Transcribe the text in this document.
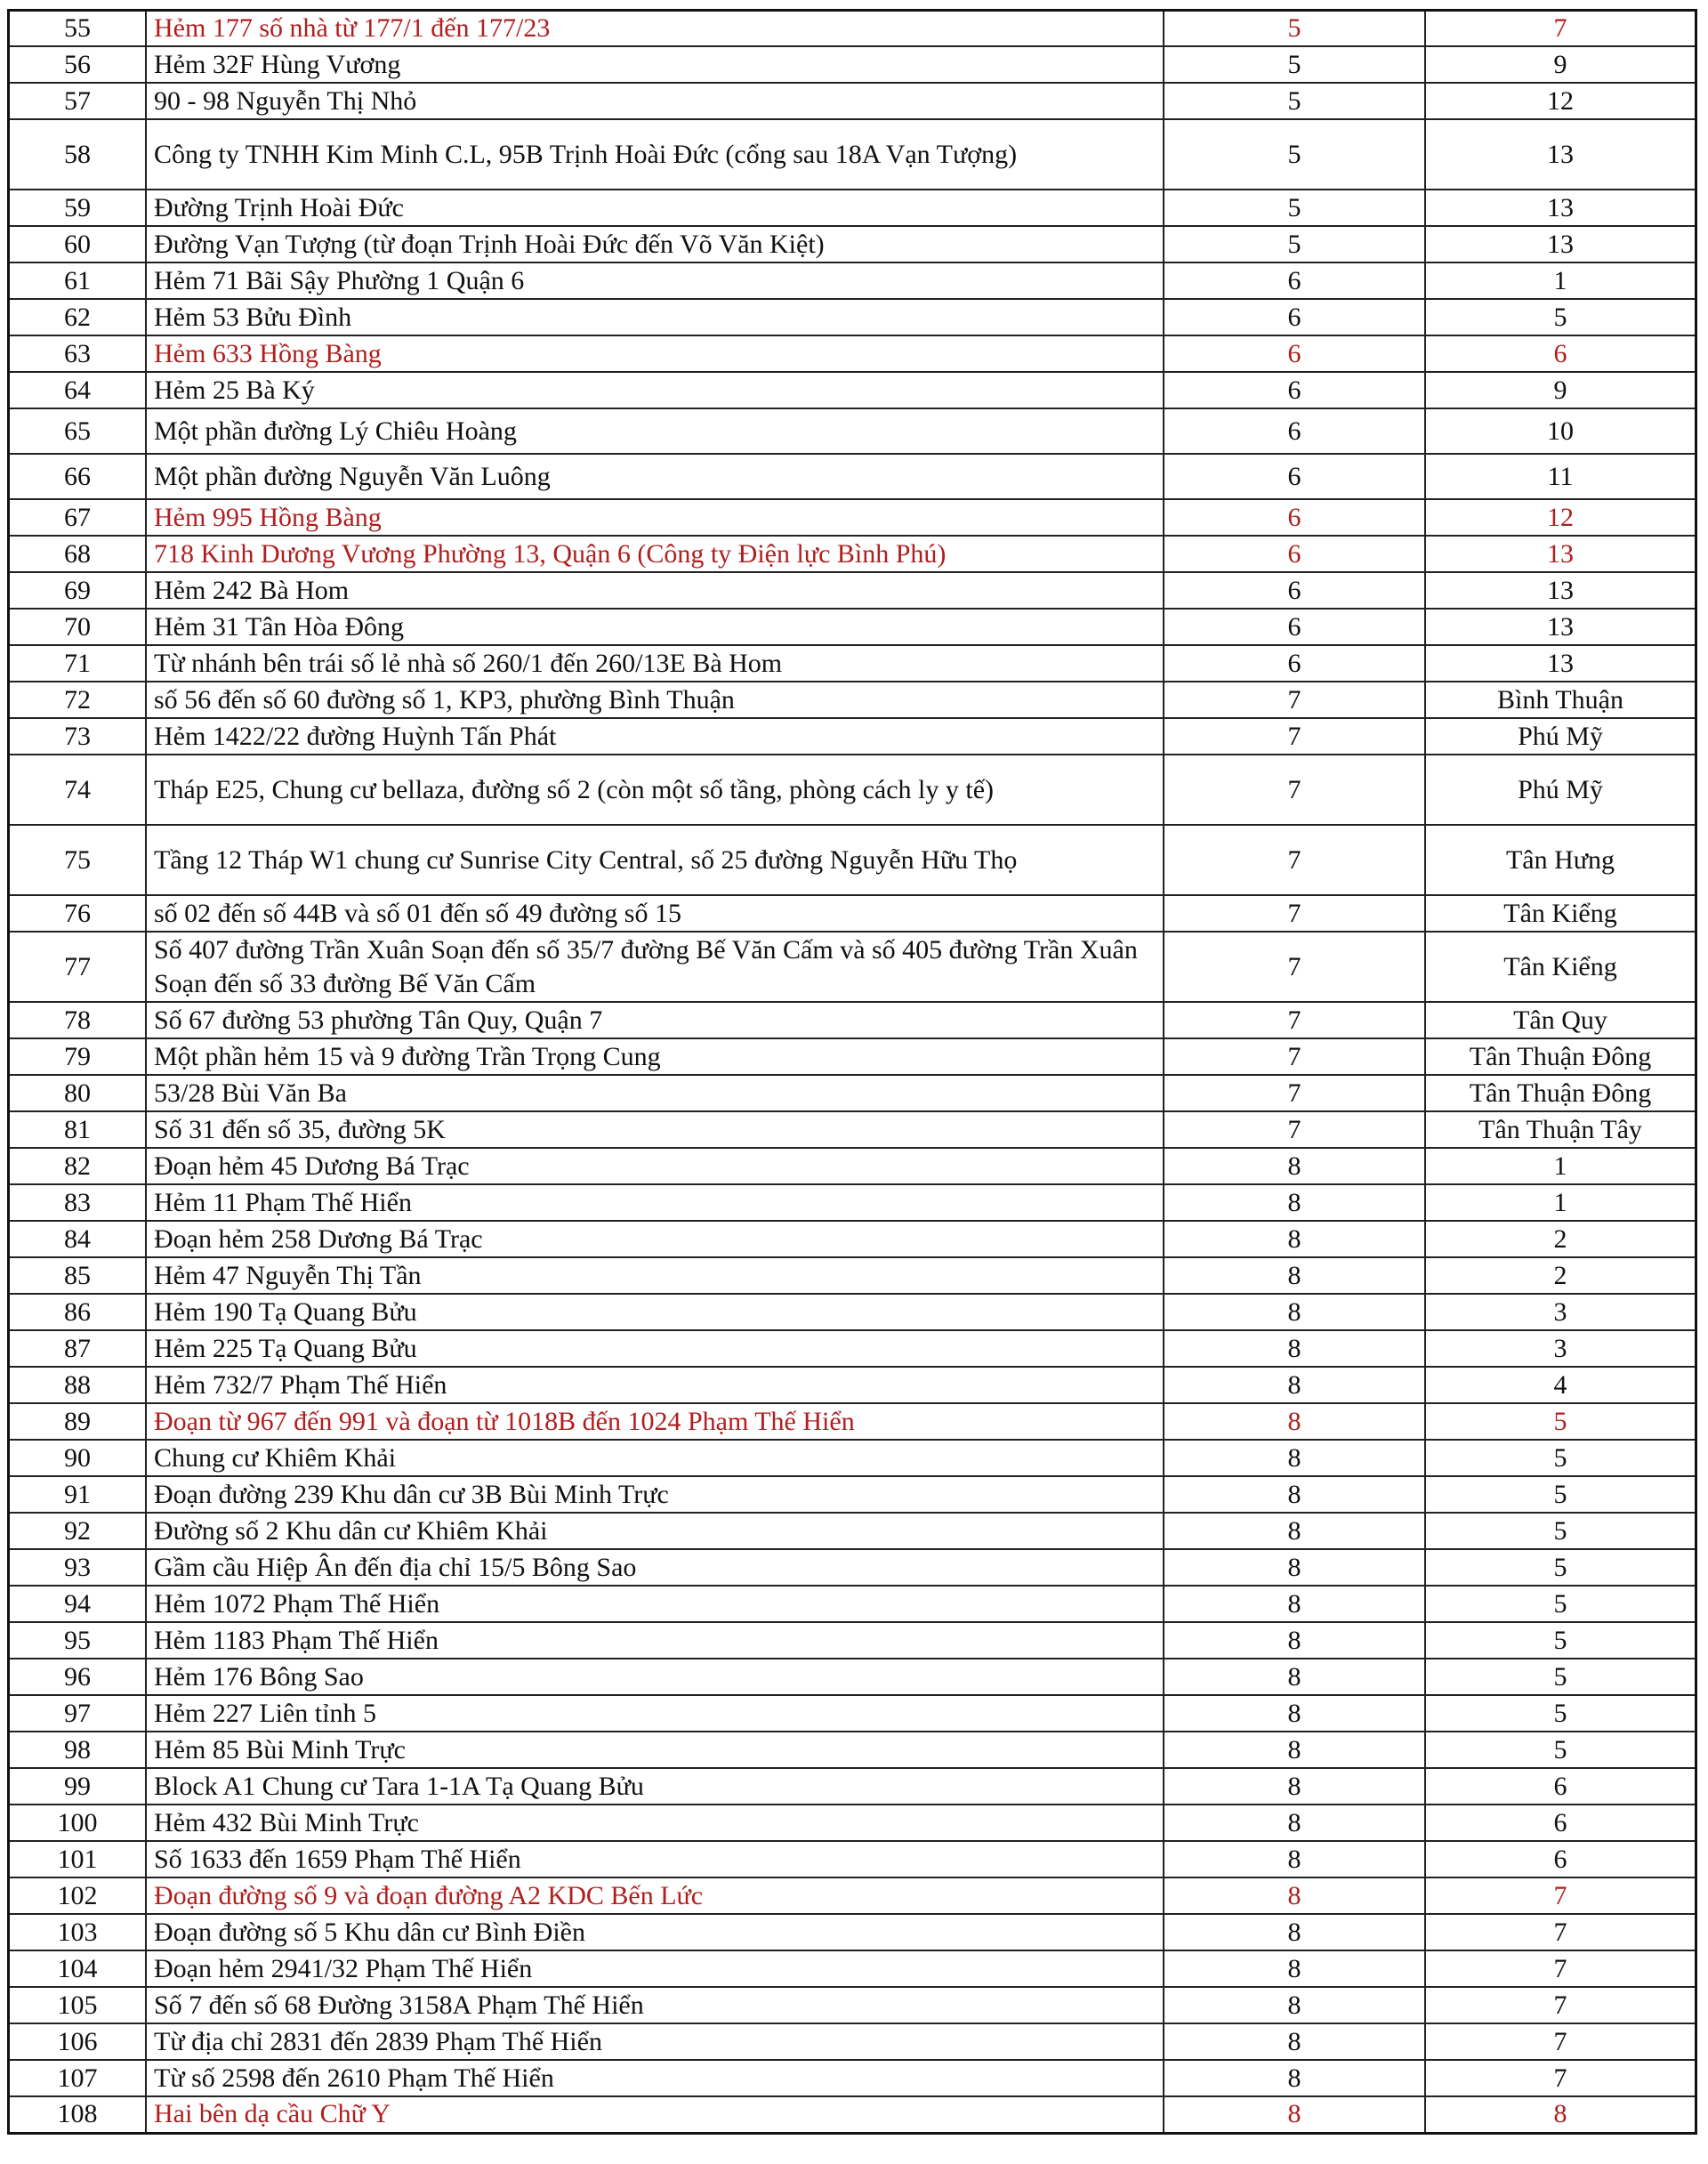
55	Hẻm 177 số nhà từ 177/1 đến 177/23	5	7
56	Hẻm 32F Hùng Vương	5	9
57	90 - 98 Nguyễn Thị Nhỏ	5	12
58	Công ty TNHH Kim Minh C.L, 95B Trịnh Hoài Đức (cổng sau 18A Vạn Tượng)	5	13
59	Đường Trịnh Hoài Đức	5	13
60	Đường Vạn Tượng (từ đoạn Trịnh Hoài Đức đến Võ Văn Kiệt)	5	13
61	Hẻm 71 Bãi Sậy Phường 1 Quận 6	6	1
62	Hẻm 53 Bửu Đình	6	5
63	Hẻm 633 Hồng Bàng	6	6
64	Hẻm 25 Bà Ký	6	9
65	Một phần đường Lý Chiêu Hoàng	6	10
66	Một phần đường Nguyễn Văn Luông	6	11
67	Hẻm 995 Hồng Bàng	6	12
68	718 Kinh Dương Vương Phường 13, Quận 6 (Công ty Điện lực Bình Phú)	6	13
69	Hẻm 242 Bà Hom	6	13
70	Hẻm 31 Tân Hòa Đông	6	13
71	Từ nhánh bên trái số lẻ nhà số 260/1 đến 260/13E Bà Hom	6	13
72	số 56 đến số 60 đường số 1, KP3, phường Bình Thuận	7	Bình Thuận
73	Hẻm 1422/22 đường Huỳnh Tấn Phát	7	Phú Mỹ
74	Tháp E25, Chung cư bellaza, đường số 2 (còn một số tầng, phòng cách ly y tế)	7	Phú Mỹ
75	Tầng 12 Tháp W1 chung cư Sunrise City Central, số 25 đường Nguyễn Hữu Thọ	7	Tân Hưng
76	số 02 đến số 44B và số 01 đến số 49 đường số 15	7	Tân Kiểng
77	Số 407 đường Trần Xuân Soạn đến số 35/7 đường Bế Văn Cấm và số 405 đường Trần Xuân Soạn đến số 33 đường Bế Văn Cấm	7	Tân Kiểng
78	Số 67 đường 53 phường Tân Quy, Quận 7	7	Tân Quy
79	Một phần hẻm 15 và 9 đường Trần Trọng Cung	7	Tân Thuận Đông
80	53/28 Bùi Văn Ba	7	Tân Thuận Đông
81	Số 31 đến số 35, đường 5K	7	Tân Thuận Tây
82	Đoạn hẻm 45 Dương Bá Trạc	8	1
83	Hẻm 11 Phạm Thế Hiển	8	1
84	Đoạn hẻm 258 Dương Bá Trạc	8	2
85	Hẻm 47 Nguyễn Thị Tần	8	2
86	Hẻm 190 Tạ Quang Bửu	8	3
87	Hẻm 225 Tạ Quang Bửu	8	3
88	Hẻm 732/7 Phạm Thế Hiển	8	4
89	Đoạn từ 967 đến 991 và đoạn từ 1018B đến 1024 Phạm Thế Hiển	8	5
90	Chung cư Khiêm Khải	8	5
91	Đoạn đường 239 Khu dân cư 3B Bùi Minh Trực	8	5
92	Đường số 2 Khu dân cư Khiêm Khải	8	5
93	Gầm cầu Hiệp Ân đến địa chỉ 15/5 Bông Sao	8	5
94	Hẻm 1072 Phạm Thế Hiển	8	5
95	Hẻm 1183 Phạm Thế Hiển	8	5
96	Hẻm 176 Bông Sao	8	5
97	Hẻm 227 Liên tỉnh 5	8	5
98	Hẻm 85 Bùi Minh Trực	8	5
99	Block A1 Chung cư Tara 1-1A Tạ Quang Bửu	8	6
100	Hẻm 432 Bùi Minh Trực	8	6
101	Số 1633 đến 1659 Phạm Thế Hiển	8	6
102	Đoạn đường số 9 và đoạn đường A2 KDC Bến Lức	8	7
103	Đoạn đường số 5 Khu dân cư Bình Điền	8	7
104	Đoạn hẻm 2941/32 Phạm Thế Hiển	8	7
105	Số 7 đến số 68 Đường 3158A Phạm Thế Hiển	8	7
106	Từ địa chỉ 2831 đến 2839 Phạm Thế Hiển	8	7
107	Từ số 2598 đến 2610 Phạm Thế Hiển	8	7
108	Hai bên dạ cầu Chữ Y	8	8
